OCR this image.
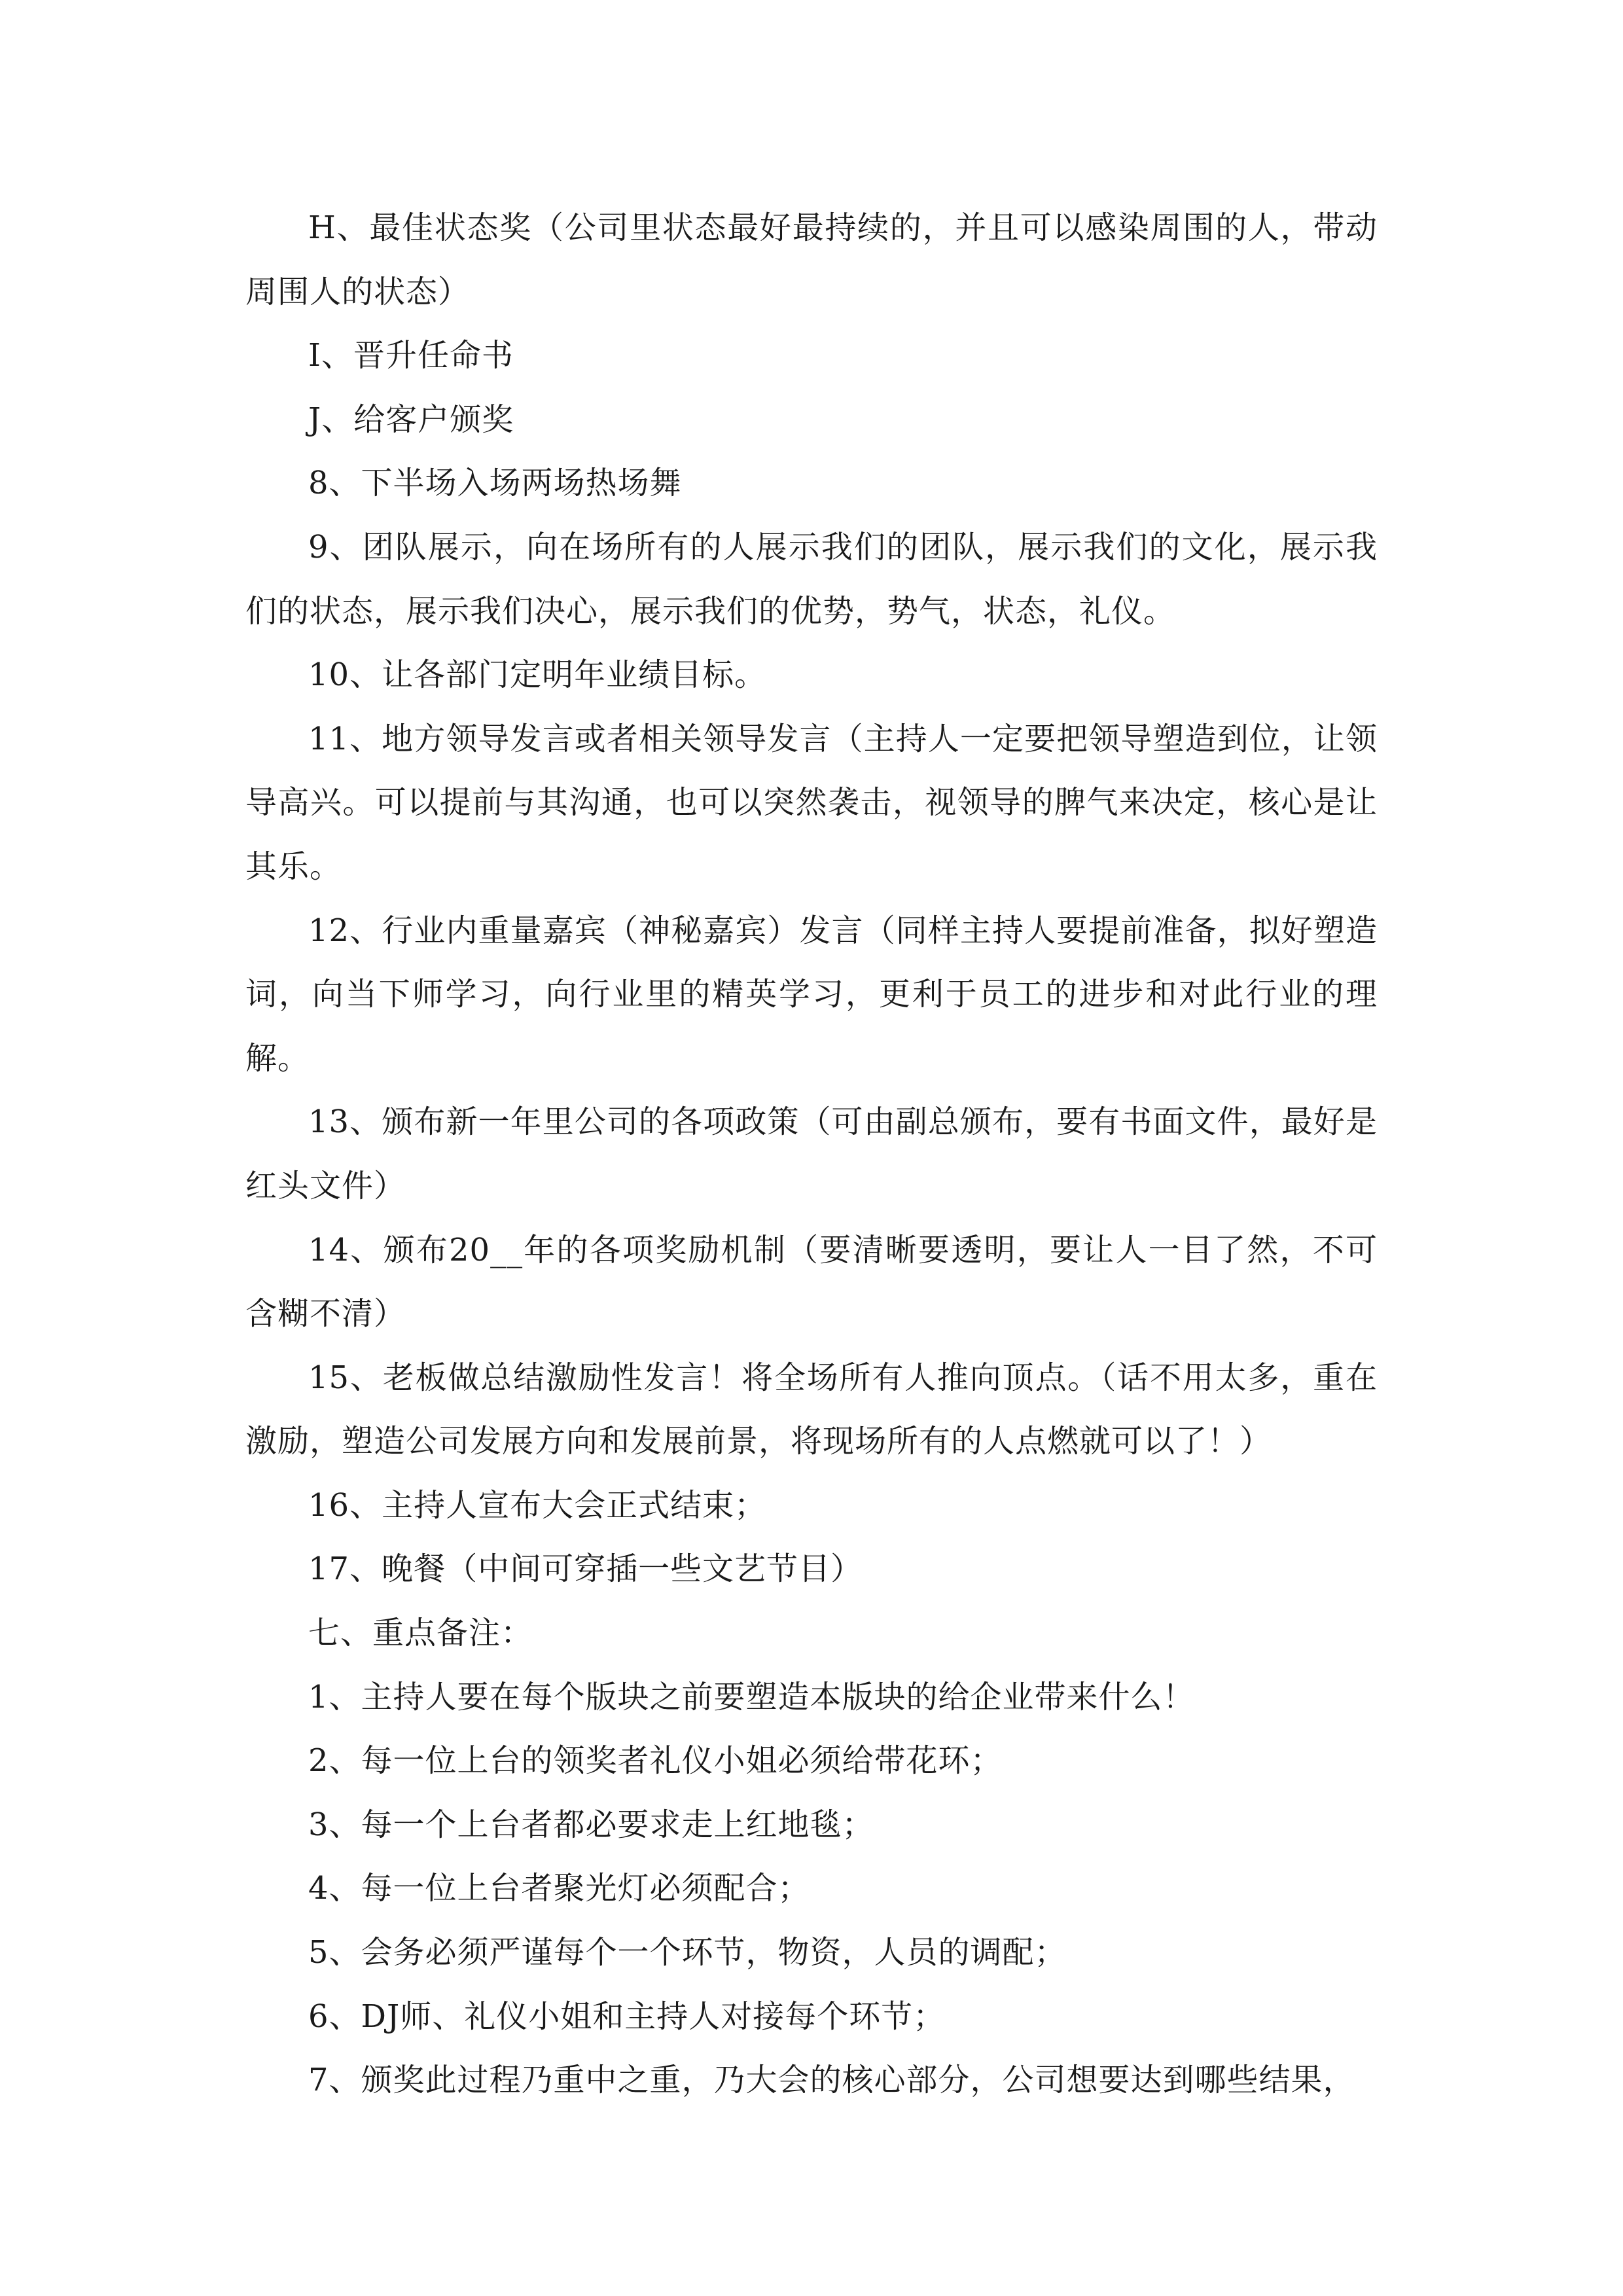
H、最佳状态奖（公司里状态最好最持续的，并且可以感染周围的人，带动周围人的状态）

I、晋升任命书

J、给客户颁奖

8、下半场入场两场热场舞

9、团队展示，向在场所有的人展示我们的团队，展示我们的文化，展示我们的状态，展示我们决心，展示我们的优势，势气，状态，礼仪。

10、让各部门定明年业绩目标。

11、地方领导发言或者相关领导发言（主持人一定要把领导塑造到位，让领导高兴。可以提前与其沟通，也可以突然袭击，视领导的脾气来决定，核心是让其乐。

12、行业内重量嘉宾（神秘嘉宾）发言（同样主持人要提前准备，拟好塑造词，向当下师学习，向行业里的精英学习，更利于员工的进步和对此行业的理解。

13、颁布新一年里公司的各项政策（可由副总颁布，要有书面文件，最好是红头文件）

14、颁布20__年的各项奖励机制（要清晰要透明，要让人一目了然，不可含糊不清）

15、老板做总结激励性发言！将全场所有人推向顶点。（话不用太多，重在激励，塑造公司发展方向和发展前景，将现场所有的人点燃就可以了！）

16、主持人宣布大会正式结束；

17、晚餐（中间可穿插一些文艺节目）

七、重点备注：

1、主持人要在每个版块之前要塑造本版块的给企业带来什么！

2、每一位上台的领奖者礼仪小姐必须给带花环；

3、每一个上台者都必要求走上红地毯；

4、每一位上台者聚光灯必须配合；

5、会务必须严谨每个一个环节，物资，人员的调配；

6、DJ师、礼仪小姐和主持人对接每个环节；

7、颁奖此过程乃重中之重，乃大会的核心部分，公司想要达到哪些结果，
